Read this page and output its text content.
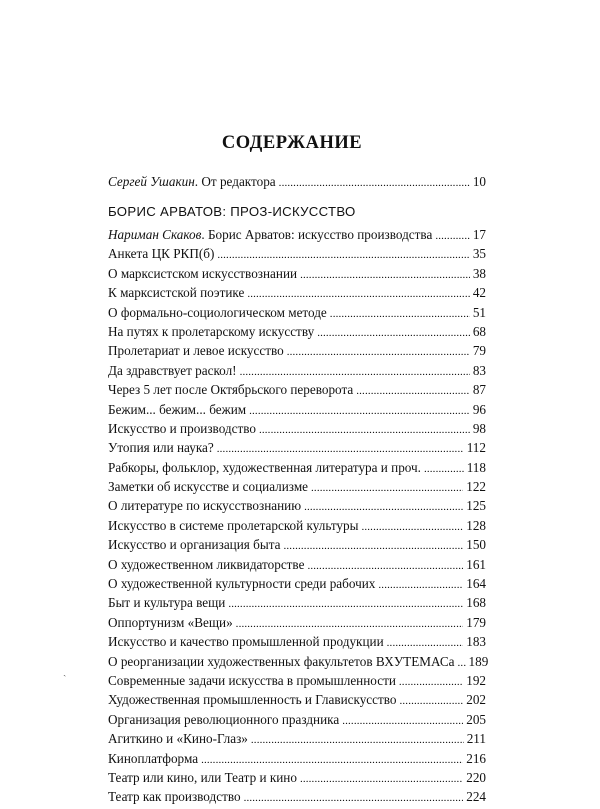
СОДЕРЖАНИЕ
Сергей Ушакин. От редактора . . .	10
БОРИС АРВАТОВ: ПРОЗ-ИСКУССТВО
Нариман Скаков. Борис Арватов: искусство производства . . .	17
Анкета ЦК РКП(б) . . .	35
О марксистском искусствознании . . .	38
К марксистской поэтике . . .	42
О формально-социологическом методе . . .	51
На путях к пролетарскому искусству . . .	68
Пролетариат и левое искусство . . .	79
Да здравствует раскол! . . .	83
Через 5 лет после Октябрьского переворота . . .	87
Бежим... бежим... бежим . . .	96
Искусство и производство . . .	98
Утопия или наука? . . .	112
Рабкоры, фольклор, художественная литература и проч. . . .	118
Заметки об искусстве и социализме . . .	122
О литературе по искусствознанию . . .	125
Искусство в системе пролетарской культуры . . .	128
Искусство и организация быта . . .	150
О художественном ликвидаторстве . . .	161
О художественной культурности среди рабочих . . .	164
Быт и культура вещи . . .	168
Оппортунизм «Вещи» . . .	179
Искусство и качество промышленной продукции . . .	183
О реорганизации художественных факультетов ВХУТЕМАСа . . . 189
Современные задачи искусства в промышленности . . .	192
Художественная промышленность и Главискусство . . .	202
Организация революционного праздника . . .	205
Агиткино и «Кино-Глаз» . . .	211
Киноплатформа . . .	216
Театр или кино, или Театр и кино . . .	220
Театр как производство . . .	224
ˎ
